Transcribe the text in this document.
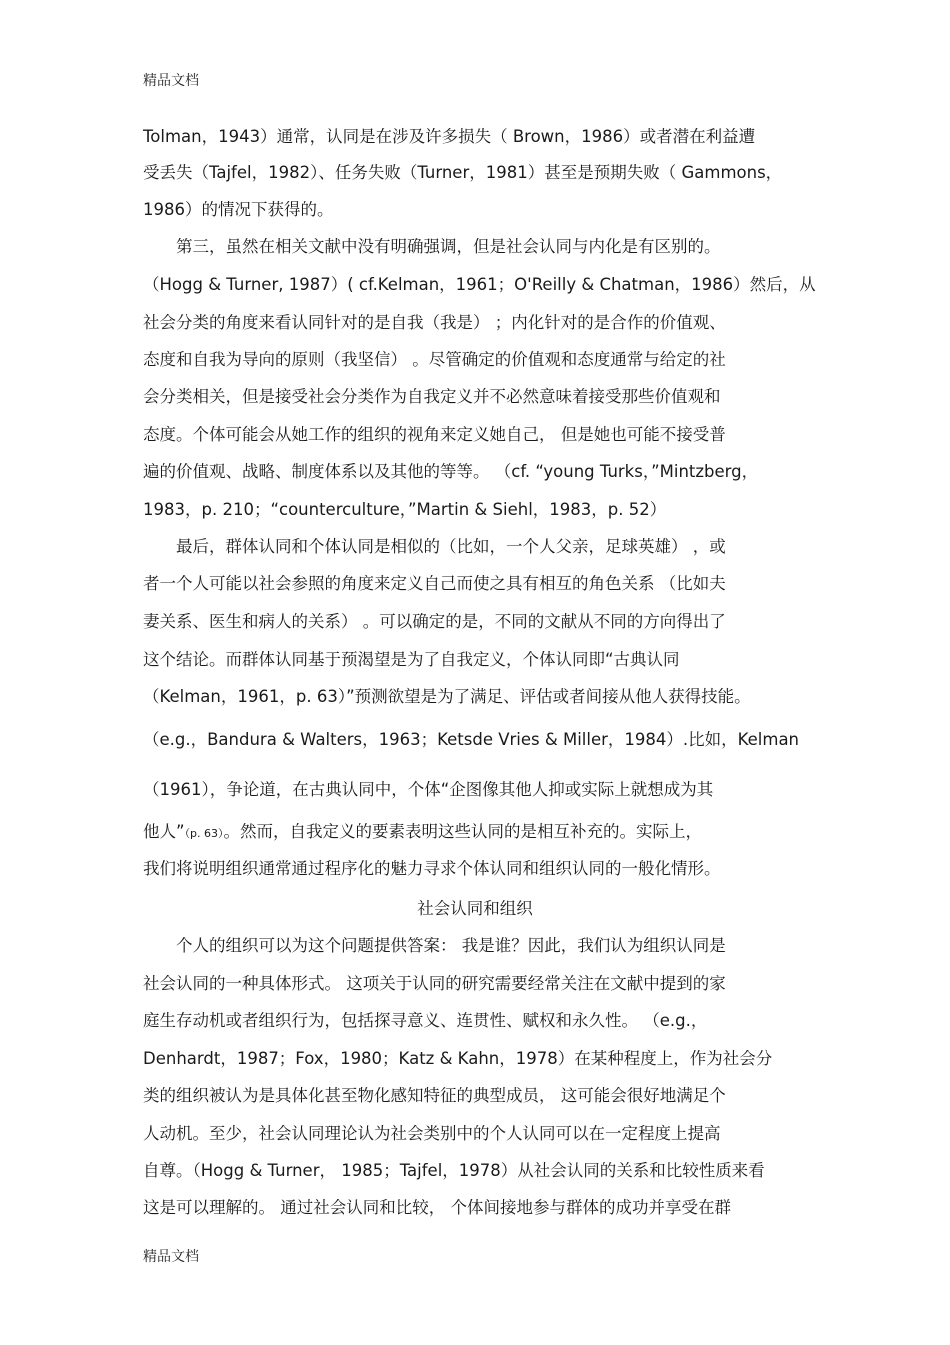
精品文档
Tolman，1943）通常，认同是在涉及许多损失（ Brown，1986）或者潜在利益遭
受丢失（Tajfel，1982）、任务失败（Turner，1981）甚至是预期失败（ Gammons，
1986）的情况下获得的。
　　第三，虽然在相关文献中没有明确强调，但是社会认同与内化是有区别的。
（Hogg & Turner, 1987）( cf.Kelman，1961；O'Reilly & Chatman，1986）然后，从
社会分类的角度来看认同针对的是自我（我是） ；内化针对的是合作的价值观、
态度和自我为导向的原则（我坚信） 。尽管确定的价值观和态度通常与给定的社
会分类相关，但是接受社会分类作为自我定义并不必然意味着接受那些价值观和
态度。个体可能会从她工作的组织的视角来定义她自己， 但是她也可能不接受普
遍的价值观、战略、制度体系以及其他的等等。 （cf. “young Turks，”Mintzberg，
1983，p. 210；“counterculture，”Martin & Siehl，1983，p. 52）
　　最后，群体认同和个体认同是相似的（比如，一个人父亲，足球英雄） ，或
者一个人可能以社会参照的角度来定义自己而使之具有相互的角色关系 （比如夫
妻关系、医生和病人的关系） 。可以确定的是，不同的文献从不同的方向得出了
这个结论。而群体认同基于预渴望是为了自我定义，个体认同即“古典认同
（Kelman，1961，p. 63）”预测欲望是为了满足、评估或者间接从他人获得技能。
（e.g.，Bandura & Walters，1963；Ketsde Vries & Miller，1984）.比如，Kelman
（1961），争论道，在古典认同中，个体“企图像其他人抑或实际上就想成为其
他人”（p. 63）。然而，自我定义的要素表明这些认同的是相互补充的。实际上，
我们将说明组织通常通过程序化的魅力寻求个体认同和组织认同的一般化情形。
社会认同和组织
　　个人的组织可以为这个问题提供答案： 我是谁？因此，我们认为组织认同是
社会认同的一种具体形式。 这项关于认同的研究需要经常关注在文献中提到的家
庭生存动机或者组织行为，包括探寻意义、连贯性、赋权和永久性。 （e.g.，
Denhardt，1987；Fox，1980；Katz & Kahn，1978）在某种程度上，作为社会分
类的组织被认为是具体化甚至物化感知特征的典型成员， 这可能会很好地满足个
人动机。至少，社会认同理论认为社会类别中的个人认同可以在一定程度上提高
自尊。（Hogg & Turner， 1985；Tajfel，1978）从社会认同的关系和比较性质来看
这是可以理解的。 通过社会认同和比较， 个体间接地参与群体的成功并享受在群
精品文档
